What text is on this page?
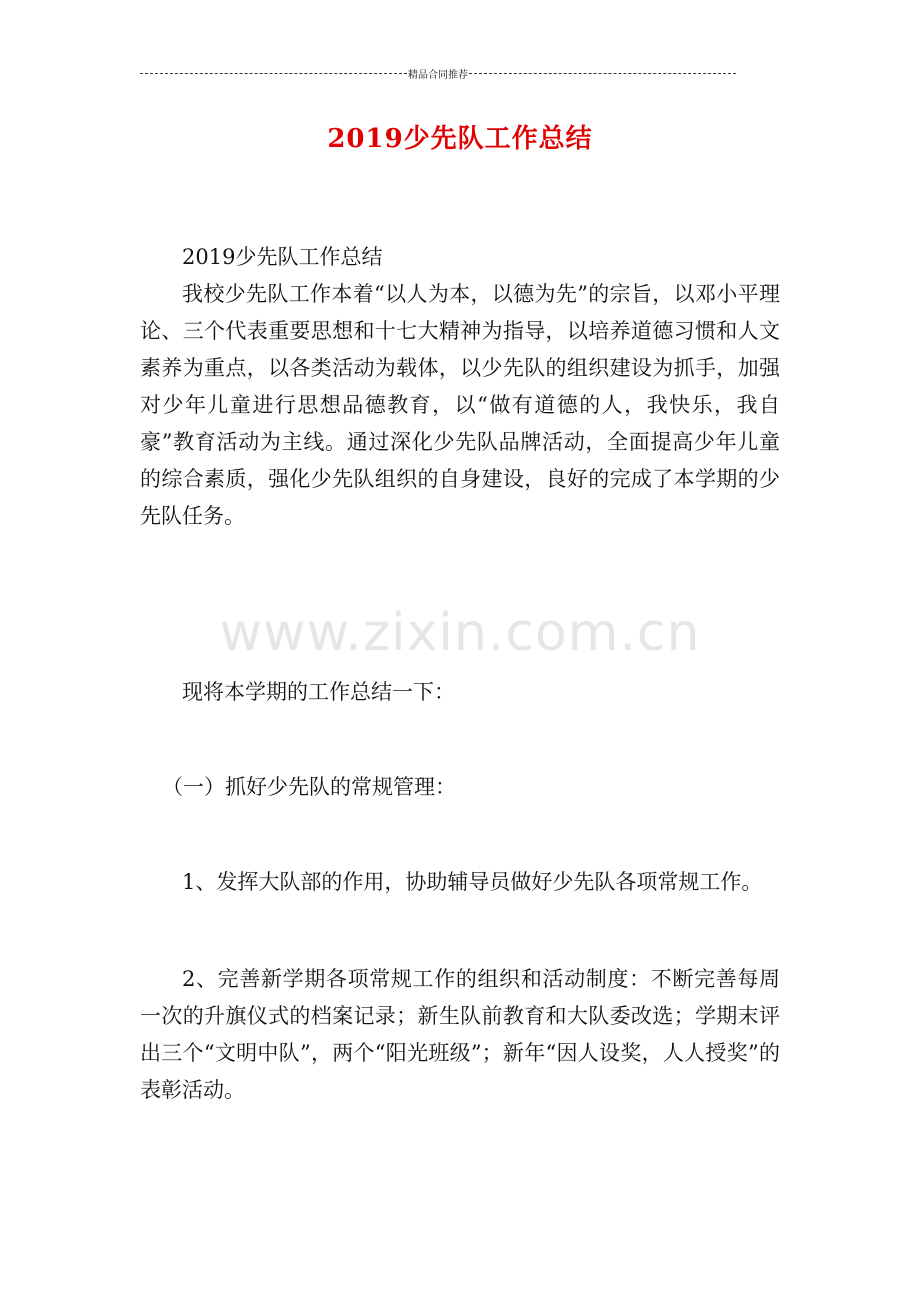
精品合同推荐
2019少先队工作总结
www.zixin.com.cn

2019少先队工作总结

我校少先队工作本着“以人为本，以德为先”的宗旨，以邓小平理论、三个代表重要思想和十七大精神为指导，以培养道德习惯和人文素养为重点，以各类活动为载体，以少先队的组织建设为抓手，加强对少年儿童进行思想品德教育，以“做有道德的人，我快乐，我自豪”教育活动为主线。通过深化少先队品牌活动，全面提高少年儿童的综合素质，强化少先队组织的自身建设，良好的完成了本学期的少先队任务。

现将本学期的工作总结一下：

（一）抓好少先队的常规管理：

1、发挥大队部的作用，协助辅导员做好少先队各项常规工作。

2、完善新学期各项常规工作的组织和活动制度：不断完善每周一次的升旗仪式的档案记录；新生队前教育和大队委改选；学期末评出三个“文明中队”，两个“阳光班级”；新年“因人设奖，人人授奖”的表彰活动。
